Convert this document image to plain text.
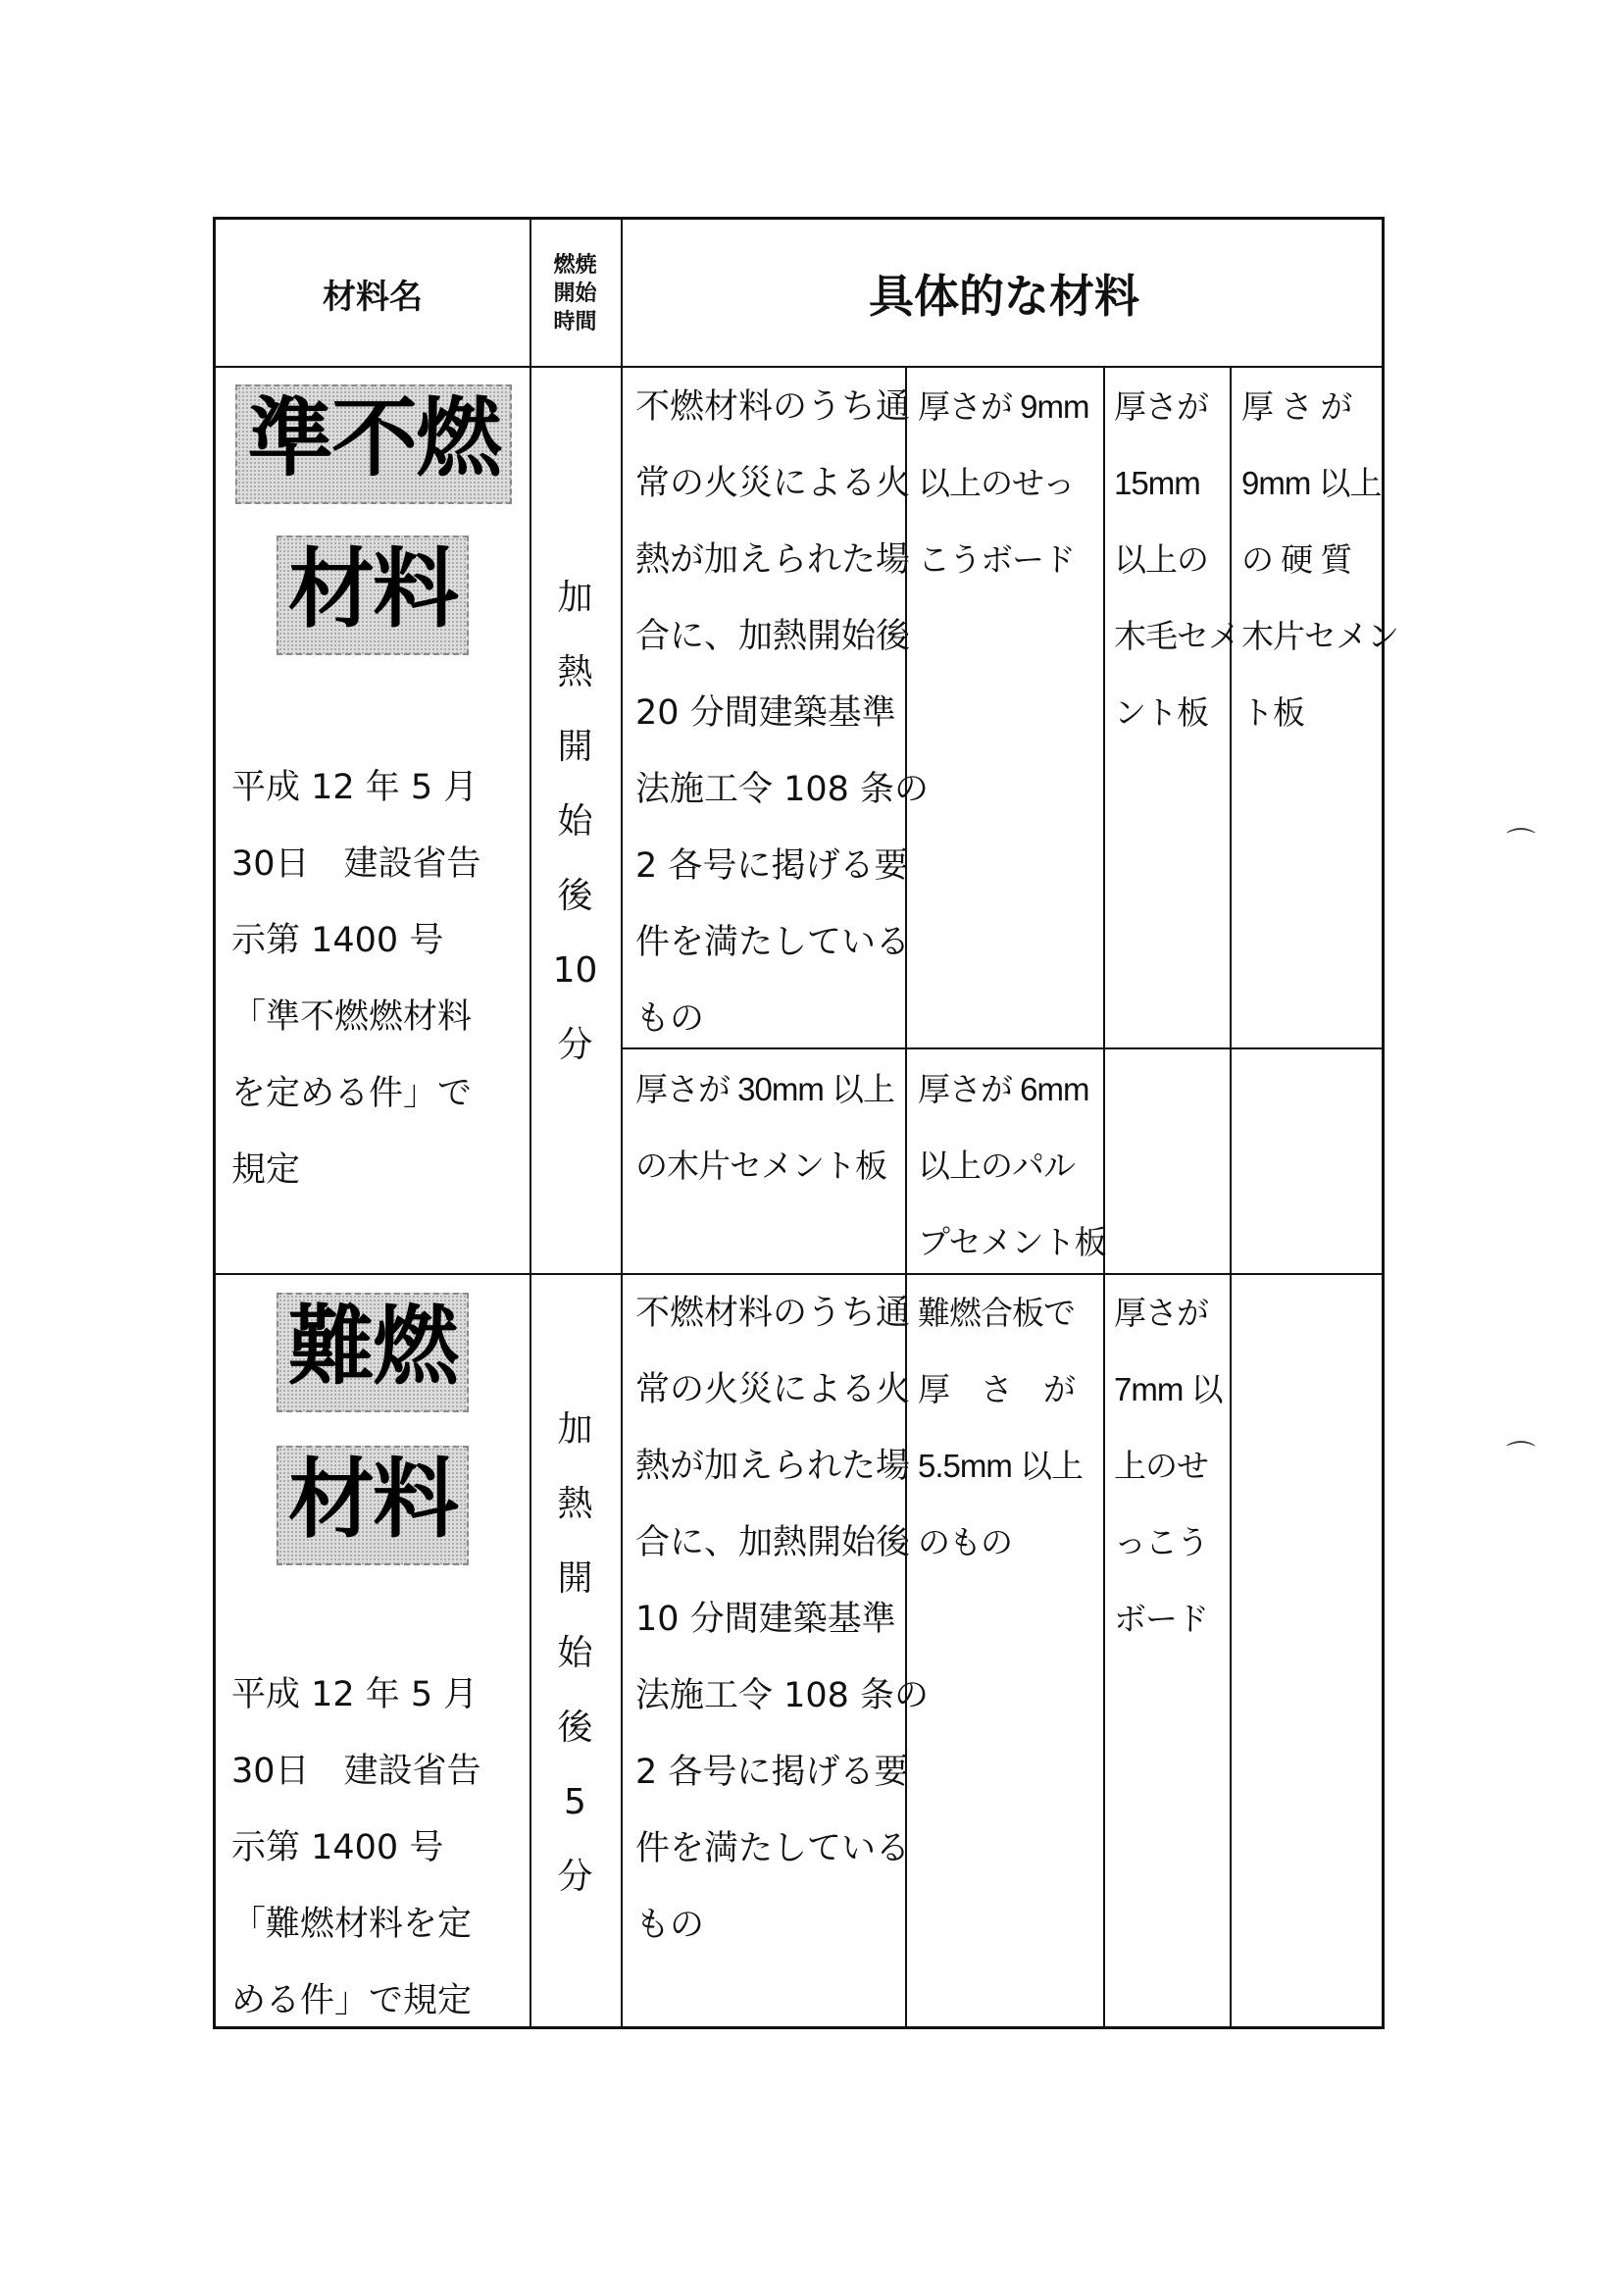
材料名
燃焼
開始
時間	具体的な材料
準不燃
材料
平成 12 年 5 月
30日　建設省告
示第 1400 号
「準不燃燃材料
を定める件」で
規定
加
熱
開
始
後
10
分
不燃材料のうち通
常の火災による火
熱が加えられた場
合に、加熱開始後
20 分間建築基準
法施工令 108 条の
2 各号に掲げる要
件を満たしている
もの
厚さが 9mm
以上のせっ
こうボード
厚さが
15mm
以上の
木毛セメ
ント板
厚 さ が
9mm 以上
の 硬 質
木片セメン
ト板
厚さが 30mm 以上
の木片セメント板
厚さが 6mm
以上のパル
プセメント板
難燃
材料
平成 12 年 5 月
30日　建設省告
示第 1400 号
「難燃材料を定
める件」で規定
加
熱
開
始
後
5
分
不燃材料のうち通
常の火災による火
熱が加えられた場
合に、加熱開始後
10 分間建築基準
法施工令 108 条の
2 各号に掲げる要
件を満たしている
もの
難燃合板で
厚　さ　が
5.5mm 以上
のもの
厚さが
7mm 以
上のせ
っこう
ボード
⌒
⌒
